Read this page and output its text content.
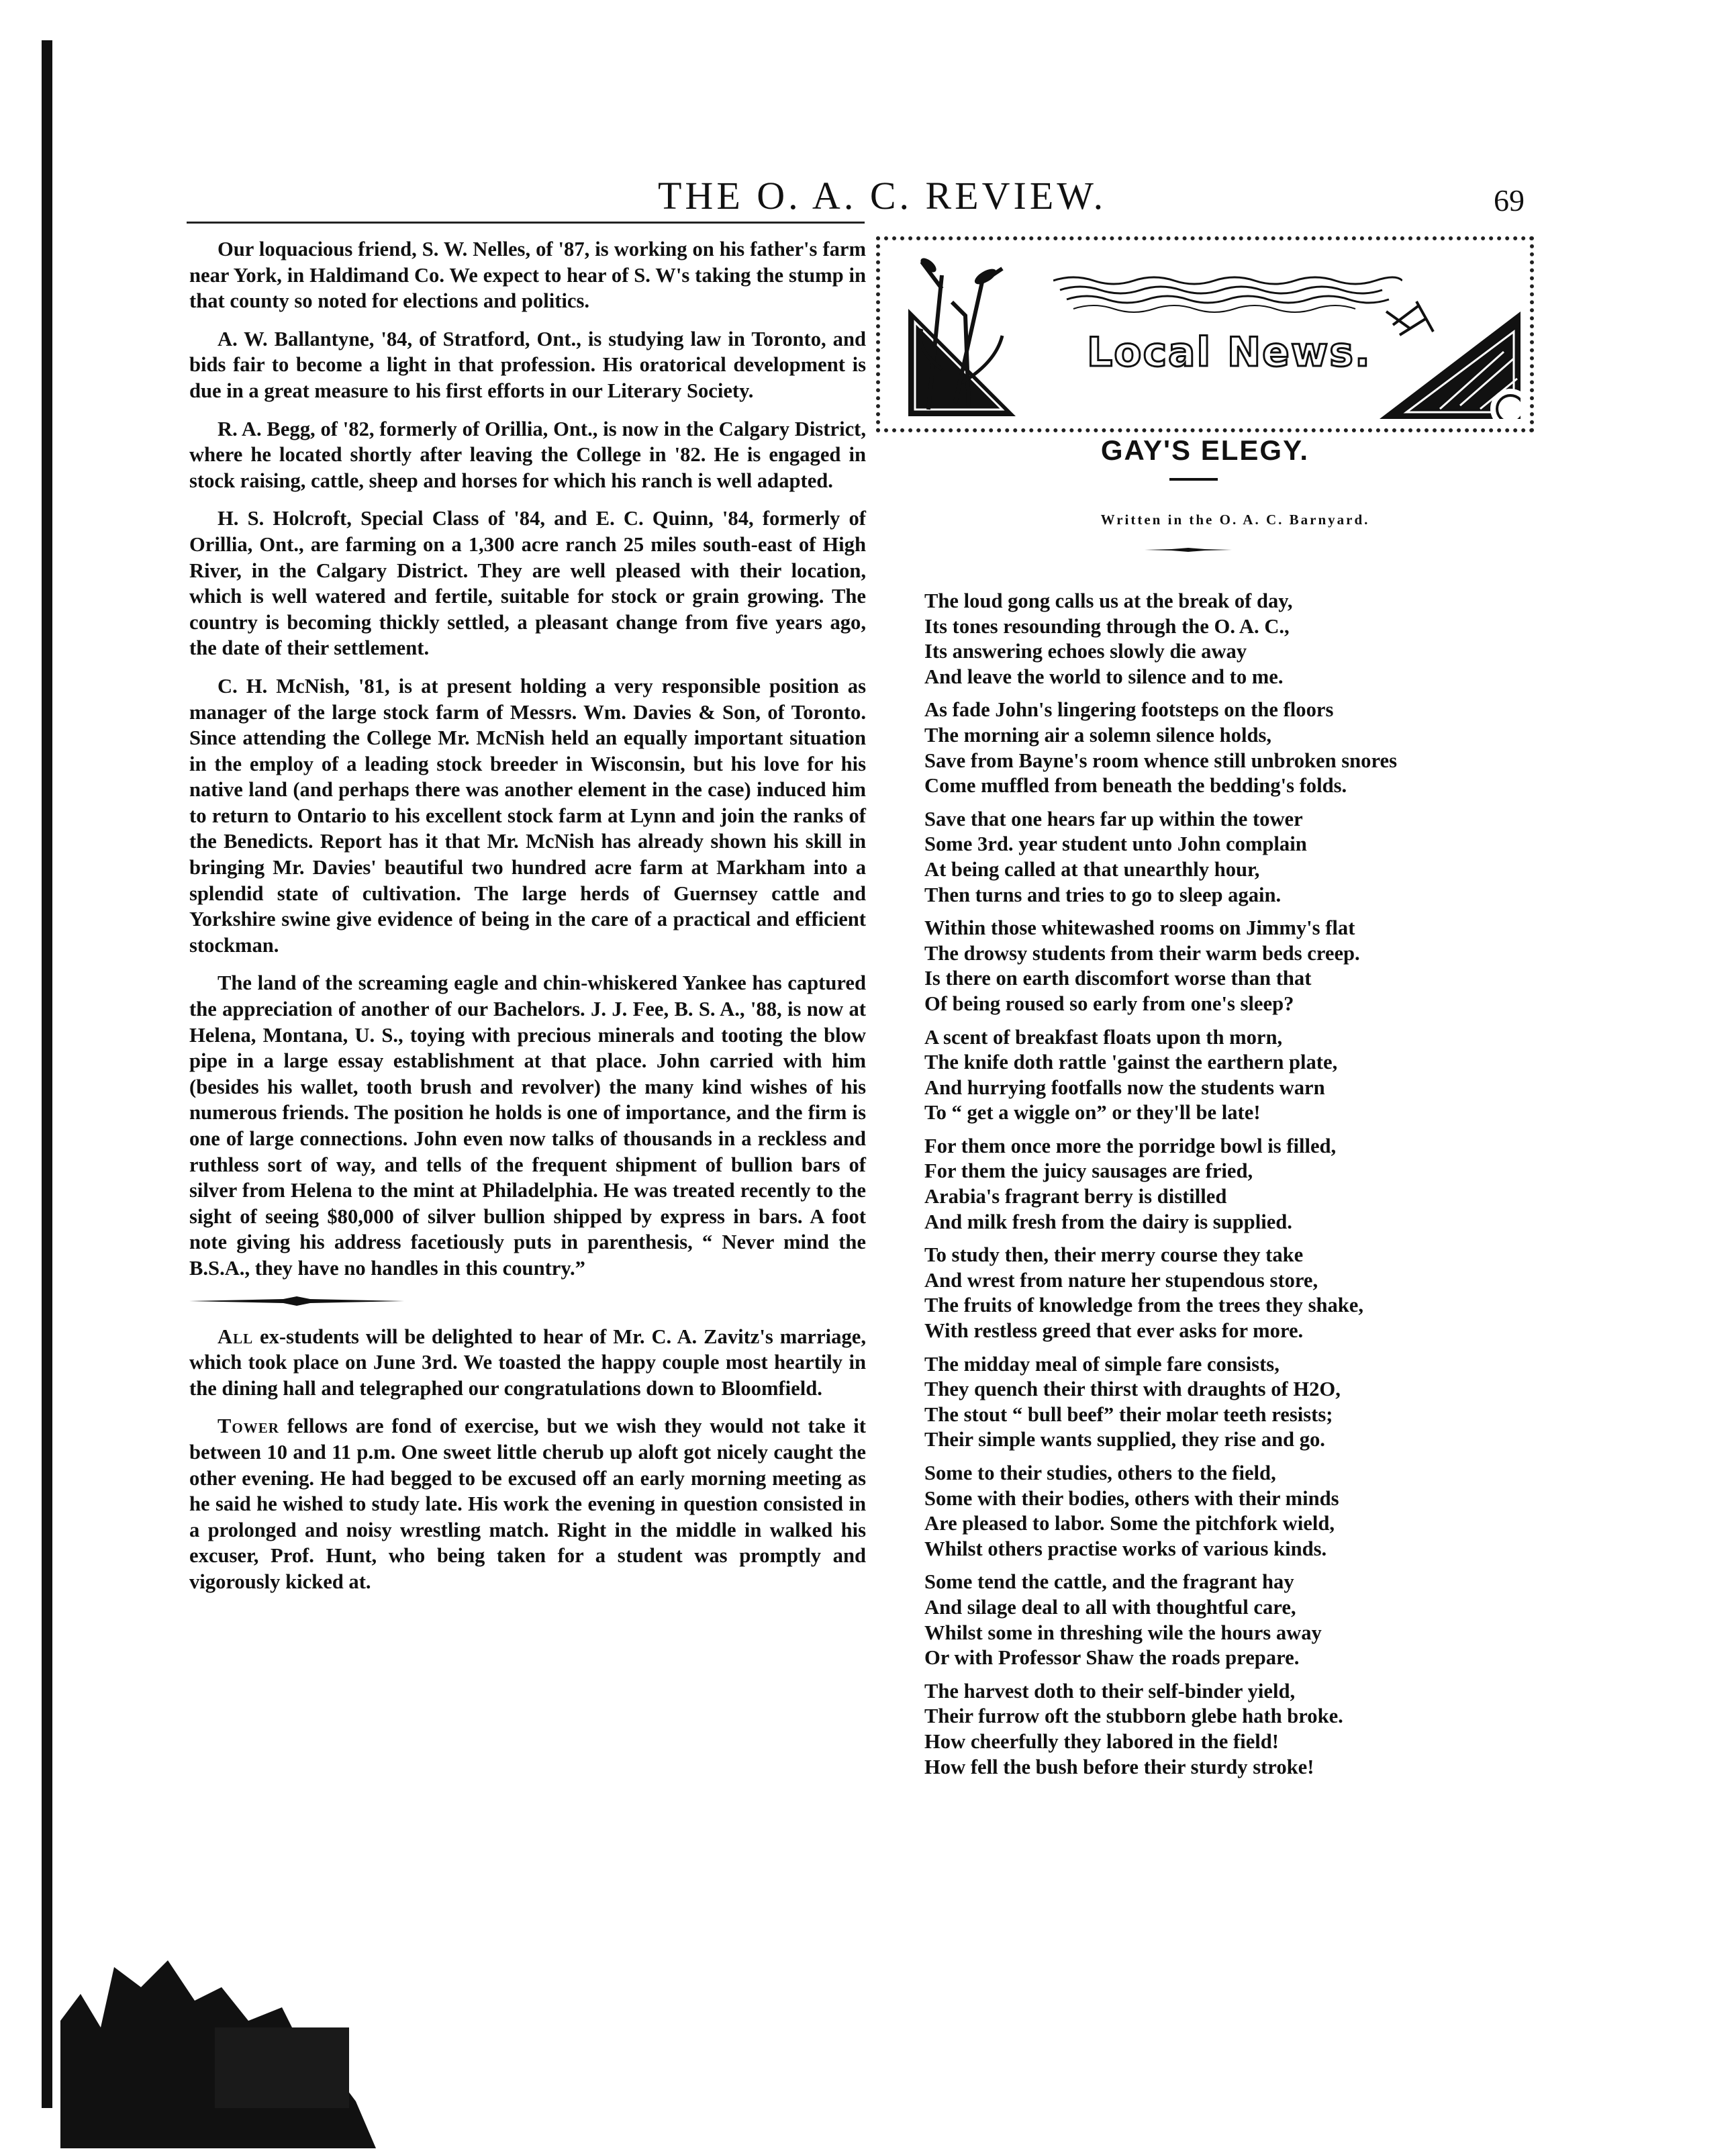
THE O. A. C. REVIEW.	69

Our loquacious friend, S. W. Nelles, of '87, is working on his father's farm near York, in Haldimand Co. We expect to hear of S. W's taking the stump in that county so noted for elections and politics.

A. W. Ballantyne, '84, of Stratford, Ont., is studying law in Toronto, and bids fair to become a light in that profession. His oratorical development is due in a great measure to his first efforts in our Literary Society.

R. A. Begg, of '82, formerly of Orillia, Ont., is now in the Calgary District, where he located shortly after leaving the College in '82. He is engaged in stock raising, cattle, sheep and horses for which his ranch is well adapted.

H. S. Holcroft, Special Class of '84, and E. C. Quinn, '84, formerly of Orillia, Ont., are farming on a 1,300 acre ranch 25 miles south-east of High River, in the Calgary District. They are well pleased with their location, which is well watered and fertile, suitable for stock or grain growing. The country is becoming thickly settled, a pleasant change from five years ago, the date of their settlement.

C. H. McNish, '81, is at present holding a very responsible position as manager of the large stock farm of Messrs. Wm. Davies & Son, of Toronto. Since attending the College Mr. McNish held an equally important situation in the employ of a leading stock breeder in Wisconsin, but his love for his native land (and perhaps there was another element in the case) induced him to return to Ontario to his excellent stock farm at Lynn and join the ranks of the Benedicts. Report has it that Mr. McNish has already shown his skill in bringing Mr. Davies' beautiful two hundred acre farm at Markham into a splendid state of cultivation. The large herds of Guernsey cattle and Yorkshire swine give evidence of being in the care of a practical and efficient stockman.

The land of the screaming eagle and chin-whiskered Yankee has captured the appreciation of another of our Bachelors. J. J. Fee, B. S. A., '88, is now at Helena, Montana, U. S., toying with precious minerals and tooting the blow pipe in a large essay establishment at that place. John carried with him (besides his wallet, tooth brush and revolver) the many kind wishes of his numerous friends. The position he holds is one of importance, and the firm is one of large connections. John even now talks of thousands in a reckless and ruthless sort of way, and tells of the frequent shipment of bullion bars of silver from Helena to the mint at Philadelphia. He was treated recently to the sight of seeing $80,000 of silver bullion shipped by express in bars. A foot note giving his address facetiously puts in parenthesis, “ Never mind the B.S.A., they have no handles in this country.”

All ex-students will be delighted to hear of Mr. C. A. Zavitz's marriage, which took place on June 3rd. We toasted the happy couple most heartily in the dining hall and telegraphed our congratulations down to Bloomfield.

Tower fellows are fond of exercise, but we wish they would not take it between 10 and 11 p.m. One sweet little cherub up aloft got nicely caught the other evening. He had begged to be excused off an early morning meeting as he said he wished to study late. His work the evening in question consisted in a prolonged and noisy wrestling match. Right in the middle in walked his excuser, Prof. Hunt, who being taken for a student was promptly and vigorously kicked at.

Local News.
GAY'S ELEGY.
Written in the O. A. C. Barnyard.
The loud gong calls us at the break of day,
Its tones resounding through the O. A. C.,
Its answering echoes slowly die away
And leave the world to silence and to me.
As fade John's lingering footsteps on the floors
The morning air a solemn silence holds,
Save from Bayne's room whence still unbroken snores
Come muffled from beneath the bedding's folds.
Save that one hears far up within the tower
Some 3rd. year student unto John complain
At being called at that unearthly hour,
Then turns and tries to go to sleep again.
Within those whitewashed rooms on Jimmy's flat
The drowsy students from their warm beds creep.
Is there on earth discomfort worse than that
Of being roused so early from one's sleep?
A scent of breakfast floats upon th morn,
The knife doth rattle 'gainst the earthern plate,
And hurrying footfalls now the students warn
To “ get a wiggle on” or they'll be late!
For them once more the porridge bowl is filled,
For them the juicy sausages are fried,
Arabia's fragrant berry is distilled
And milk fresh from the dairy is supplied.
To study then, their merry course they take
And wrest from nature her stupendous store,
The fruits of knowledge from the trees they shake,
With restless greed that ever asks for more.
The midday meal of simple fare consists,
They quench their thirst with draughts of H2O,
The stout “ bull beef” their molar teeth resists;
Their simple wants supplied, they rise and go.
Some to their studies, others to the field,
Some with their bodies, others with their minds
Are pleased to labor. Some the pitchfork wield,
Whilst others practise works of various kinds.
Some tend the cattle, and the fragrant hay
And silage deal to all with thoughtful care,
Whilst some in threshing wile the hours away
Or with Professor Shaw the roads prepare.
The harvest doth to their self-binder yield,
Their furrow oft the stubborn glebe hath broke.
How cheerfully they labored in the field!
How fell the bush before their sturdy stroke!
